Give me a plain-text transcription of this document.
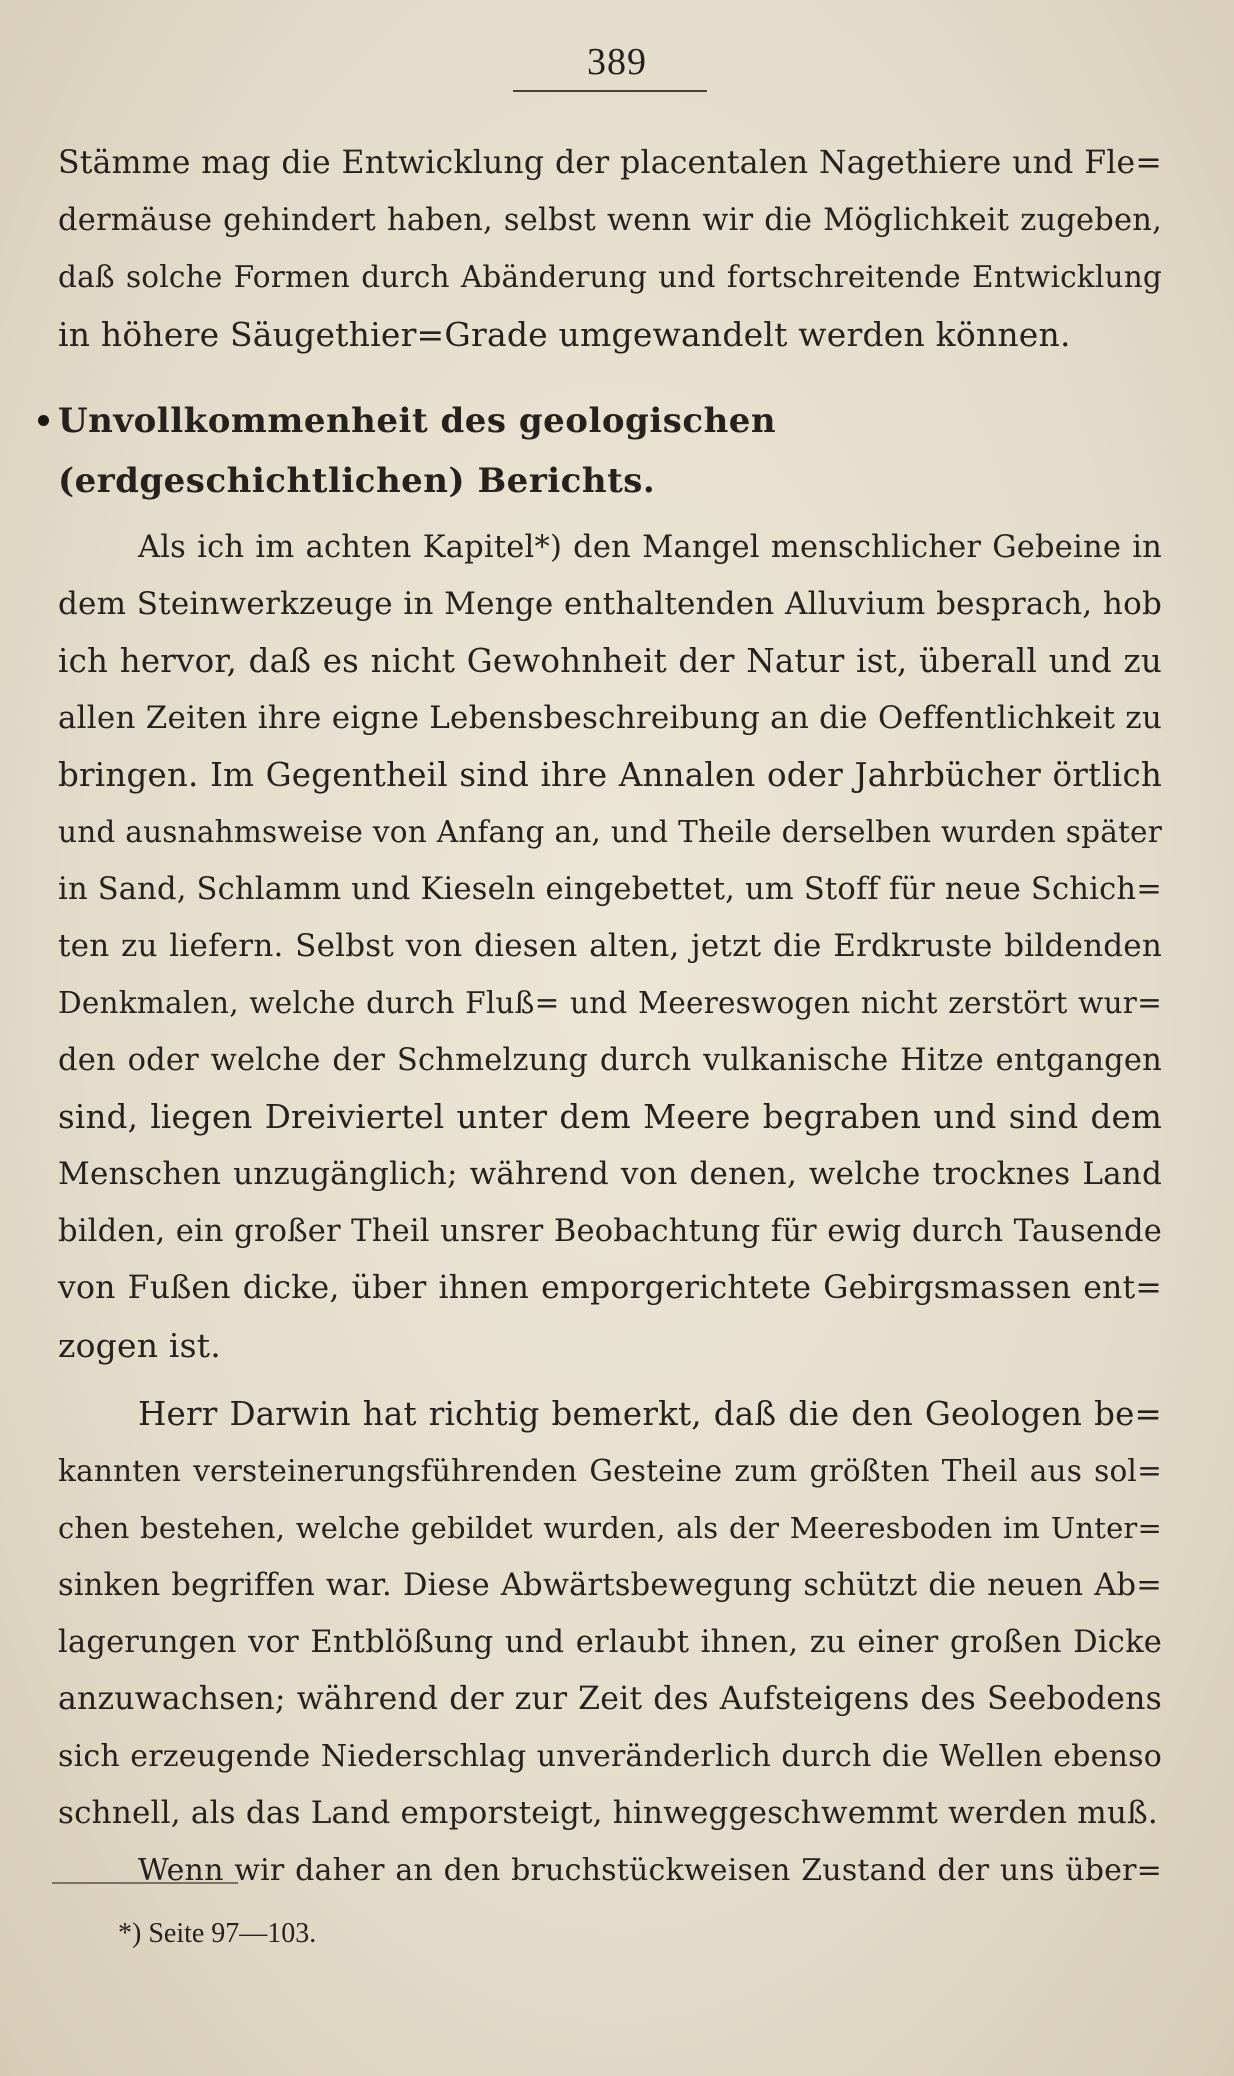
389

Stämme mag die Entwicklung der placentalen Nagethiere und Fle=
dermäuse gehindert haben, selbst wenn wir die Möglichkeit zugeben,
daß solche Formen durch Abänderung und fortschreitende Entwicklung
in höhere Säugethier=Grade umgewandelt werden können.

Unvollkommenheit des geologischen (erdgeschichtlichen) Berichts.

Als ich im achten Kapitel*) den Mangel menschlicher Gebeine in
dem Steinwerkzeuge in Menge enthaltenden Alluvium besprach, hob
ich hervor, daß es nicht Gewohnheit der Natur ist, überall und zu
allen Zeiten ihre eigne Lebensbeschreibung an die Oeffentlichkeit zu
bringen. Im Gegentheil sind ihre Annalen oder Jahrbücher örtlich
und ausnahmsweise von Anfang an, und Theile derselben wurden später
in Sand, Schlamm und Kieseln eingebettet, um Stoff für neue Schich=
ten zu liefern. Selbst von diesen alten, jetzt die Erdkruste bildenden
Denkmalen, welche durch Fluß= und Meereswogen nicht zerstört wur=
den oder welche der Schmelzung durch vulkanische Hitze entgangen
sind, liegen Dreiviertel unter dem Meere begraben und sind dem
Menschen unzugänglich; während von denen, welche trocknes Land
bilden, ein großer Theil unsrer Beobachtung für ewig durch Tausende
von Fußen dicke, über ihnen emporgerichtete Gebirgsmassen ent=
zogen ist.

Herr Darwin hat richtig bemerkt, daß die den Geologen be=
kannten versteinerungsführenden Gesteine zum größten Theil aus sol=
chen bestehen, welche gebildet wurden, als der Meeresboden im Unter=
sinken begriffen war. Diese Abwärtsbewegung schützt die neuen Ab=
lagerungen vor Entblößung und erlaubt ihnen, zu einer großen Dicke
anzuwachsen; während der zur Zeit des Aufsteigens des Seebodens
sich erzeugende Niederschlag unveränderlich durch die Wellen ebenso
schnell, als das Land emporsteigt, hinweggeschwemmt werden muß.

Wenn wir daher an den bruchstückweisen Zustand der uns über=

*) Seite 97—103.
